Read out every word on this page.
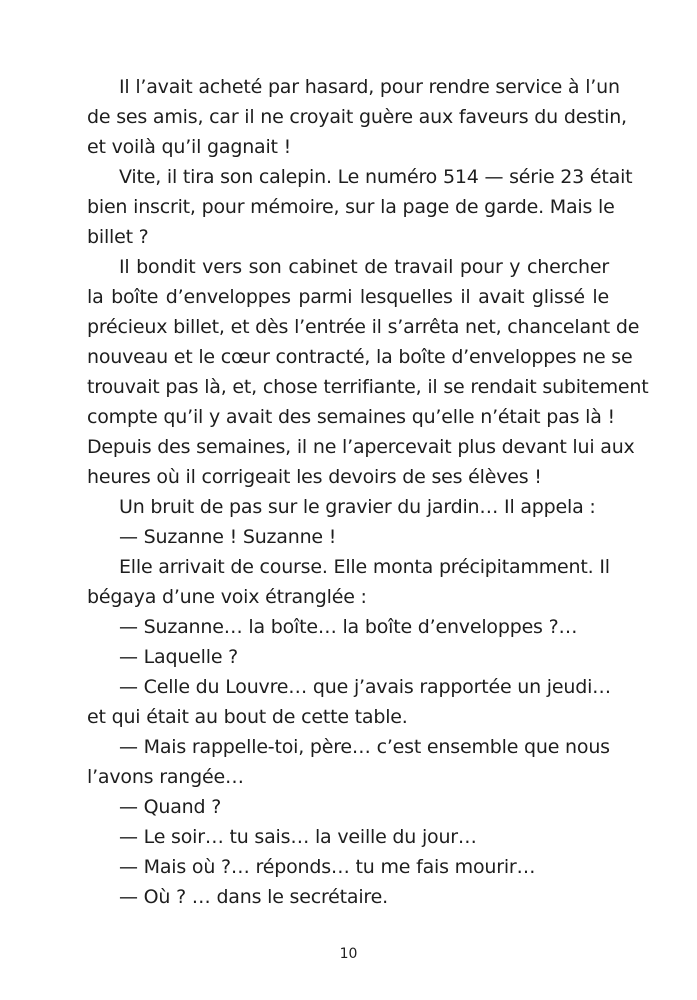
Il l’avait acheté par hasard, pour rendre service à l’un
de ses amis, car il ne croyait guère aux faveurs du destin,
et voilà qu’il gagnait !
Vite, il tira son calepin. Le numéro 514 — série 23 était
bien inscrit, pour mémoire, sur la page de garde. Mais le
billet ?
Il bondit vers son cabinet de travail pour y chercher
la boîte d’enveloppes parmi lesquelles il avait glissé le
précieux billet, et dès l’entrée il s’arrêta net, chancelant de
nouveau et le cœur contracté, la boîte d’enveloppes ne se
trouvait pas là, et, chose terrifiante, il se rendait subitement
compte qu’il y avait des semaines qu’elle n’était pas là !
Depuis des semaines, il ne l’apercevait plus devant lui aux
heures où il corrigeait les devoirs de ses élèves !
Un bruit de pas sur le gravier du jardin… Il appela :
— Suzanne ! Suzanne !
Elle arrivait de course. Elle monta précipitamment. Il
bégaya d’une voix étranglée :
— Suzanne… la boîte… la boîte d’enveloppes ?…
— Laquelle ?
— Celle du Louvre… que j’avais rapportée un jeudi…
et qui était au bout de cette table.
— Mais rappelle-toi, père… c’est ensemble que nous
l’avons rangée…
— Quand ?
— Le soir… tu sais… la veille du jour…
— Mais où ?… réponds… tu me fais mourir…
— Où ? … dans le secrétaire.
10
